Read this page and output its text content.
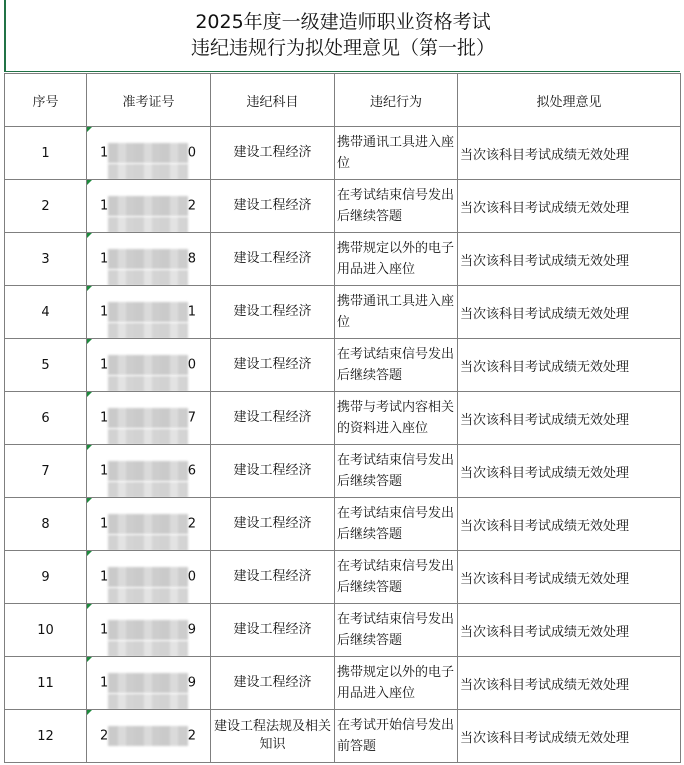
2025年度一级建造师职业资格考试
违纪违规行为拟处理意见（第一批）
序号	准考证号	违纪科目	违纪行为	拟处理意见
1	1 0	建设工程经济	携带通讯工具进入座位	当次该科目考试成绩无效处理
2	1 2	建设工程经济	在考试结束信号发出后继续答题	当次该科目考试成绩无效处理
3	1 8	建设工程经济	携带规定以外的电子用品进入座位	当次该科目考试成绩无效处理
4	1 1	建设工程经济	携带通讯工具进入座位	当次该科目考试成绩无效处理
5	1 0	建设工程经济	在考试结束信号发出后继续答题	当次该科目考试成绩无效处理
6	1 7	建设工程经济	携带与考试内容相关的资料进入座位	当次该科目考试成绩无效处理
7	1 6	建设工程经济	在考试结束信号发出后继续答题	当次该科目考试成绩无效处理
8	1 2	建设工程经济	在考试结束信号发出后继续答题	当次该科目考试成绩无效处理
9	1 0	建设工程经济	在考试结束信号发出后继续答题	当次该科目考试成绩无效处理
10	1 9	建设工程经济	在考试结束信号发出后继续答题	当次该科目考试成绩无效处理
11	1 9	建设工程经济	携带规定以外的电子用品进入座位	当次该科目考试成绩无效处理
12	2 2	建设工程法规及相关知识	在考试开始信号发出前答题	当次该科目考试成绩无效处理
